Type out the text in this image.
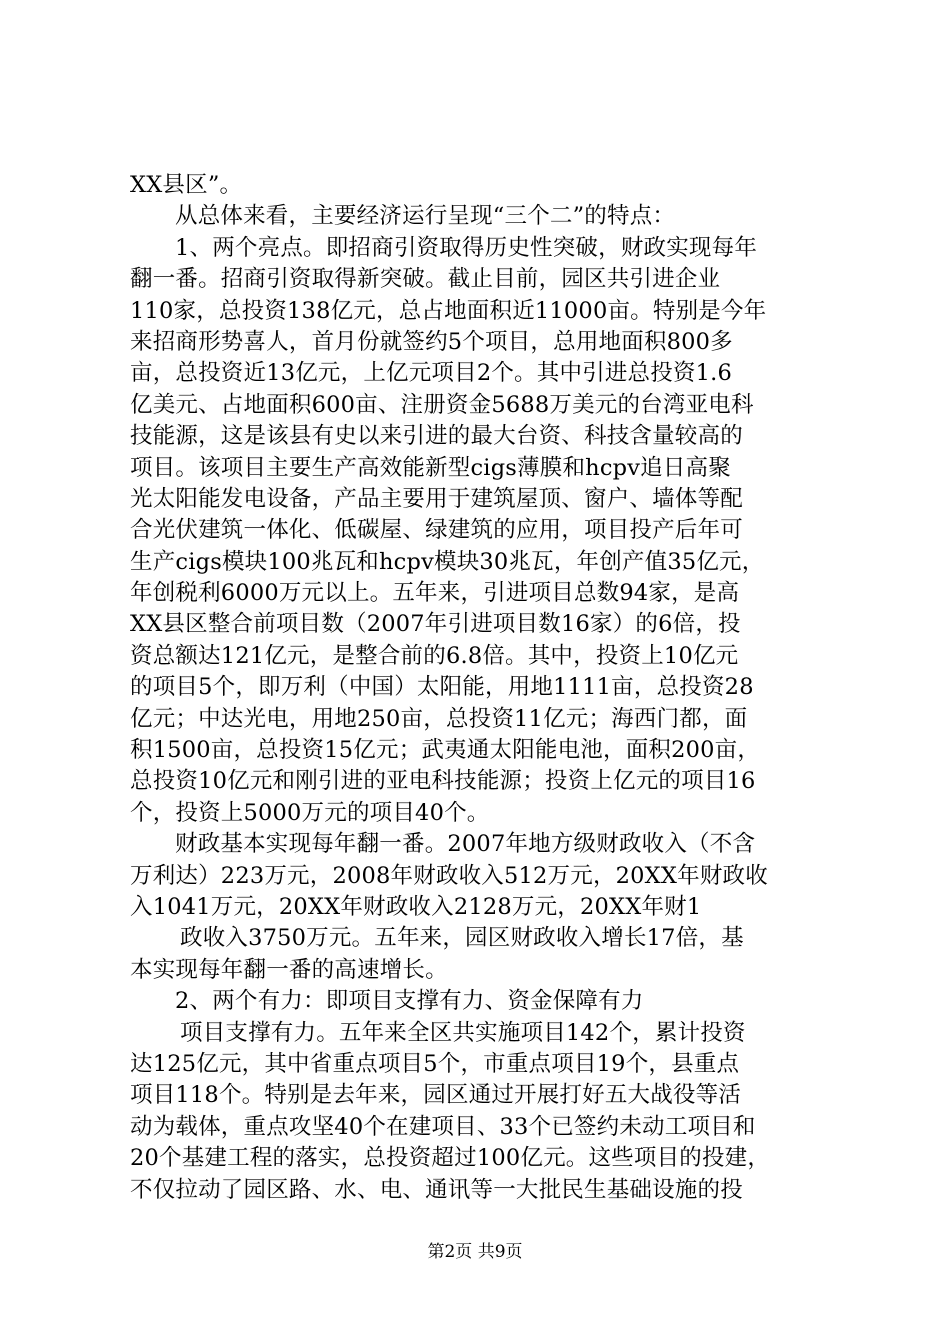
XX县区”。
从总体来看，主要经济运行呈现“三个二”的特点：
1、两个亮点。即招商引资取得历史性突破，财政实现每年
翻一番。招商引资取得新突破。截止目前，园区共引进企业
110家，总投资138亿元，总占地面积近11000亩。特别是今年
来招商形势喜人，首月份就签约5个项目，总用地面积800多
亩，总投资近13亿元，上亿元项目2个。其中引进总投资1.6
亿美元、占地面积600亩、注册资金5688万美元的台湾亚电科
技能源，这是该县有史以来引进的最大台资、科技含量较高的
项目。该项目主要生产高效能新型cigs薄膜和hcpv追日高聚
光太阳能发电设备，产品主要用于建筑屋顶、窗户、墙体等配
合光伏建筑一体化、低碳屋、绿建筑的应用，项目投产后年可
生产cigs模块100兆瓦和hcpv模块30兆瓦，年创产值35亿元，
年创税利6000万元以上。五年来，引进项目总数94家，是高
XX县区整合前项目数（2007年引进项目数16家）的6倍，投
资总额达121亿元，是整合前的6.8倍。其中，投资上10亿元
的项目5个，即万利（中国）太阳能，用地1111亩，总投资28
亿元；中达光电，用地250亩，总投资11亿元；海西门都，面
积1500亩，总投资15亿元；武夷通太阳能电池，面积200亩，
总投资10亿元和刚引进的亚电科技能源；投资上亿元的项目16
个，投资上5000万元的项目40个。
财政基本实现每年翻一番。2007年地方级财政收入（不含
万利达）223万元，2008年财政收入512万元，20XX年财政收
入1041万元，20XX年财政收入2128万元，20XX年财1
政收入3750万元。五年来，园区财政收入增长17倍，基
本实现每年翻一番的高速增长。
2、两个有力：即项目支撑有力、资金保障有力
项目支撑有力。五年来全区共实施项目142个，累计投资
达125亿元，其中省重点项目5个，市重点项目19个，县重点
项目118个。特别是去年来，园区通过开展打好五大战役等活
动为载体，重点攻坚40个在建项目、33个已签约未动工项目和
20个基建工程的落实，总投资超过100亿元。这些项目的投建，
不仅拉动了园区路、水、电、通讯等一大批民生基础设施的投
第2页 共9页
